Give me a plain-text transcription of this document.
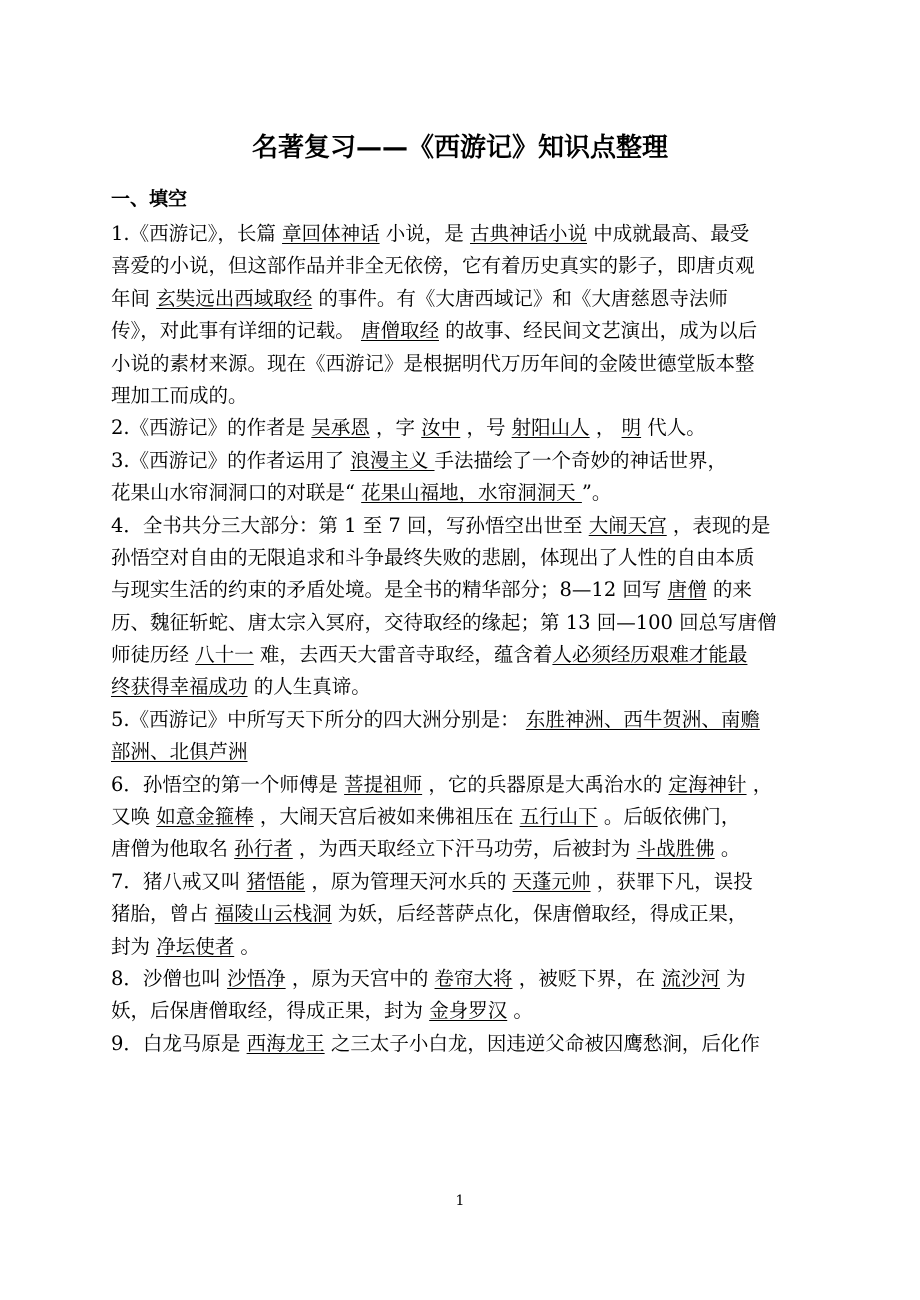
名著复习——《西游记》知识点整理
一、填空
1.《西游记》，长篇 章回体神话 小说，是 古典神话小说 中成就最高、最受
喜爱的小说，但这部作品并非全无依傍，它有着历史真实的影子，即唐贞观
年间 玄奘远出西域取经 的事件。有《大唐西域记》和《大唐慈恩寺法师
传》，对此事有详细的记载。 唐僧取经 的故事、经民间文艺演出，成为以后
小说的素材来源。现在《西游记》是根据明代万历年间的金陵世德堂版本整
理加工而成的。
2.《西游记》的作者是 吴承恩 ，字 汝中 ，号 射阳山人 ， 明 代人。
3.《西游记》的作者运用了 浪漫主义 手法描绘了一个奇妙的神话世界，
花果山水帘洞洞口的对联是“ 花果山福地，水帘洞洞天 ”。
4．全书共分三大部分：第 1 至 7 回，写孙悟空出世至 大闹天宫 ，表现的是
孙悟空对自由的无限追求和斗争最终失败的悲剧，体现出了人性的自由本质
与现实生活的约束的矛盾处境。是全书的精华部分；8—12 回写 唐僧 的来
历、魏征斩蛇、唐太宗入冥府，交待取经的缘起；第 13 回—100 回总写唐僧
师徒历经 八十一 难，去西天大雷音寺取经，蕴含着人必须经历艰难才能最
终获得幸福成功 的人生真谛。
5.《西游记》中所写天下所分的四大洲分别是： 东胜神洲、西牛贺洲、南赡
部洲、北俱芦洲
6．孙悟空的第一个师傅是 菩提祖师 ，它的兵器原是大禹治水的 定海神针 ，
又唤 如意金箍棒 ，大闹天宫后被如来佛祖压在 五行山下 。后皈依佛门，
唐僧为他取名 孙行者 ，为西天取经立下汗马功劳，后被封为 斗战胜佛 。
7．猪八戒又叫 猪悟能 ，原为管理天河水兵的 天蓬元帅 ，获罪下凡，误投
猪胎，曾占 福陵山云栈洞 为妖，后经菩萨点化，保唐僧取经，得成正果，
封为 净坛使者 。
8．沙僧也叫 沙悟净 ，原为天宫中的 卷帘大将 ，被贬下界，在 流沙河 为
妖，后保唐僧取经，得成正果，封为 金身罗汉 。
9．白龙马原是 西海龙王 之三太子小白龙，因违逆父命被囚鹰愁涧，后化作
1
